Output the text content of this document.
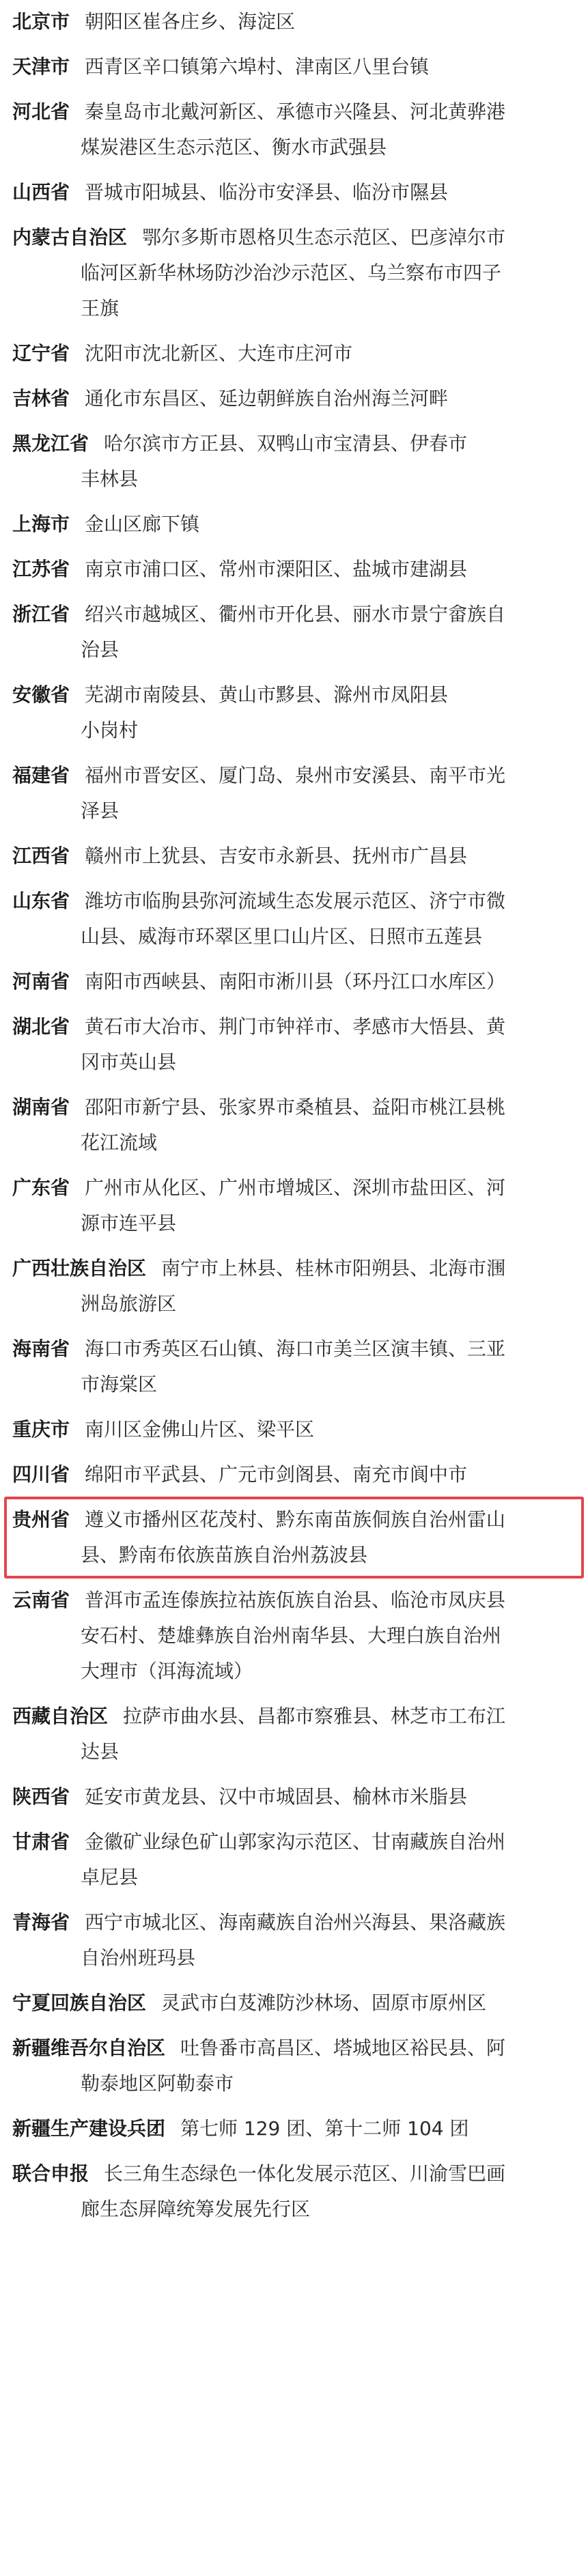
北京市 朝阳区崔各庄乡、海淀区
天津市 西青区辛口镇第六埠村、津南区八里台镇
河北省 秦皇岛市北戴河新区、承德市兴隆县、河北黄骅港
煤炭港区生态示范区、衡水市武强县
山西省 晋城市阳城县、临汾市安泽县、临汾市隰县
内蒙古自治区 鄂尔多斯市恩格贝生态示范区、巴彦淖尔市
临河区新华林场防沙治沙示范区、乌兰察布市四子
王旗
辽宁省 沈阳市沈北新区、大连市庄河市
吉林省 通化市东昌区、延边朝鲜族自治州海兰河畔
黑龙江省 哈尔滨市方正县、双鸭山市宝清县、伊春市
丰林县
上海市 金山区廊下镇
江苏省 南京市浦口区、常州市溧阳区、盐城市建湖县
浙江省 绍兴市越城区、衢州市开化县、丽水市景宁畲族自
治县
安徽省 芜湖市南陵县、黄山市黟县、滁州市凤阳县
小岗村
福建省 福州市晋安区、厦门岛、泉州市安溪县、南平市光
泽县
江西省 赣州市上犹县、吉安市永新县、抚州市广昌县
山东省 潍坊市临朐县弥河流域生态发展示范区、济宁市微
山县、威海市环翠区里口山片区、日照市五莲县
河南省 南阳市西峡县、南阳市淅川县（环丹江口水库区）
湖北省 黄石市大冶市、荆门市钟祥市、孝感市大悟县、黄
冈市英山县
湖南省 邵阳市新宁县、张家界市桑植县、益阳市桃江县桃
花江流域
广东省 广州市从化区、广州市增城区、深圳市盐田区、河
源市连平县
广西壮族自治区 南宁市上林县、桂林市阳朔县、北海市涠
洲岛旅游区
海南省 海口市秀英区石山镇、海口市美兰区演丰镇、三亚
市海棠区
重庆市 南川区金佛山片区、梁平区
四川省 绵阳市平武县、广元市剑阁县、南充市阆中市
贵州省 遵义市播州区花茂村、黔东南苗族侗族自治州雷山
县、黔南布依族苗族自治州荔波县
云南省 普洱市孟连傣族拉祜族佤族自治县、临沧市凤庆县
安石村、楚雄彝族自治州南华县、大理白族自治州
大理市（洱海流域）
西藏自治区 拉萨市曲水县、昌都市察雅县、林芝市工布江
达县
陕西省 延安市黄龙县、汉中市城固县、榆林市米脂县
甘肃省 金徽矿业绿色矿山郭家沟示范区、甘南藏族自治州
卓尼县
青海省 西宁市城北区、海南藏族自治州兴海县、果洛藏族
自治州班玛县
宁夏回族自治区 灵武市白芨滩防沙林场、固原市原州区
新疆维吾尔自治区 吐鲁番市高昌区、塔城地区裕民县、阿
勒泰地区阿勒泰市
新疆生产建设兵团 第七师 129 团、第十二师 104 团
联合申报 长三角生态绿色一体化发展示范区、川渝雪巴画
廊生态屏障统筹发展先行区
